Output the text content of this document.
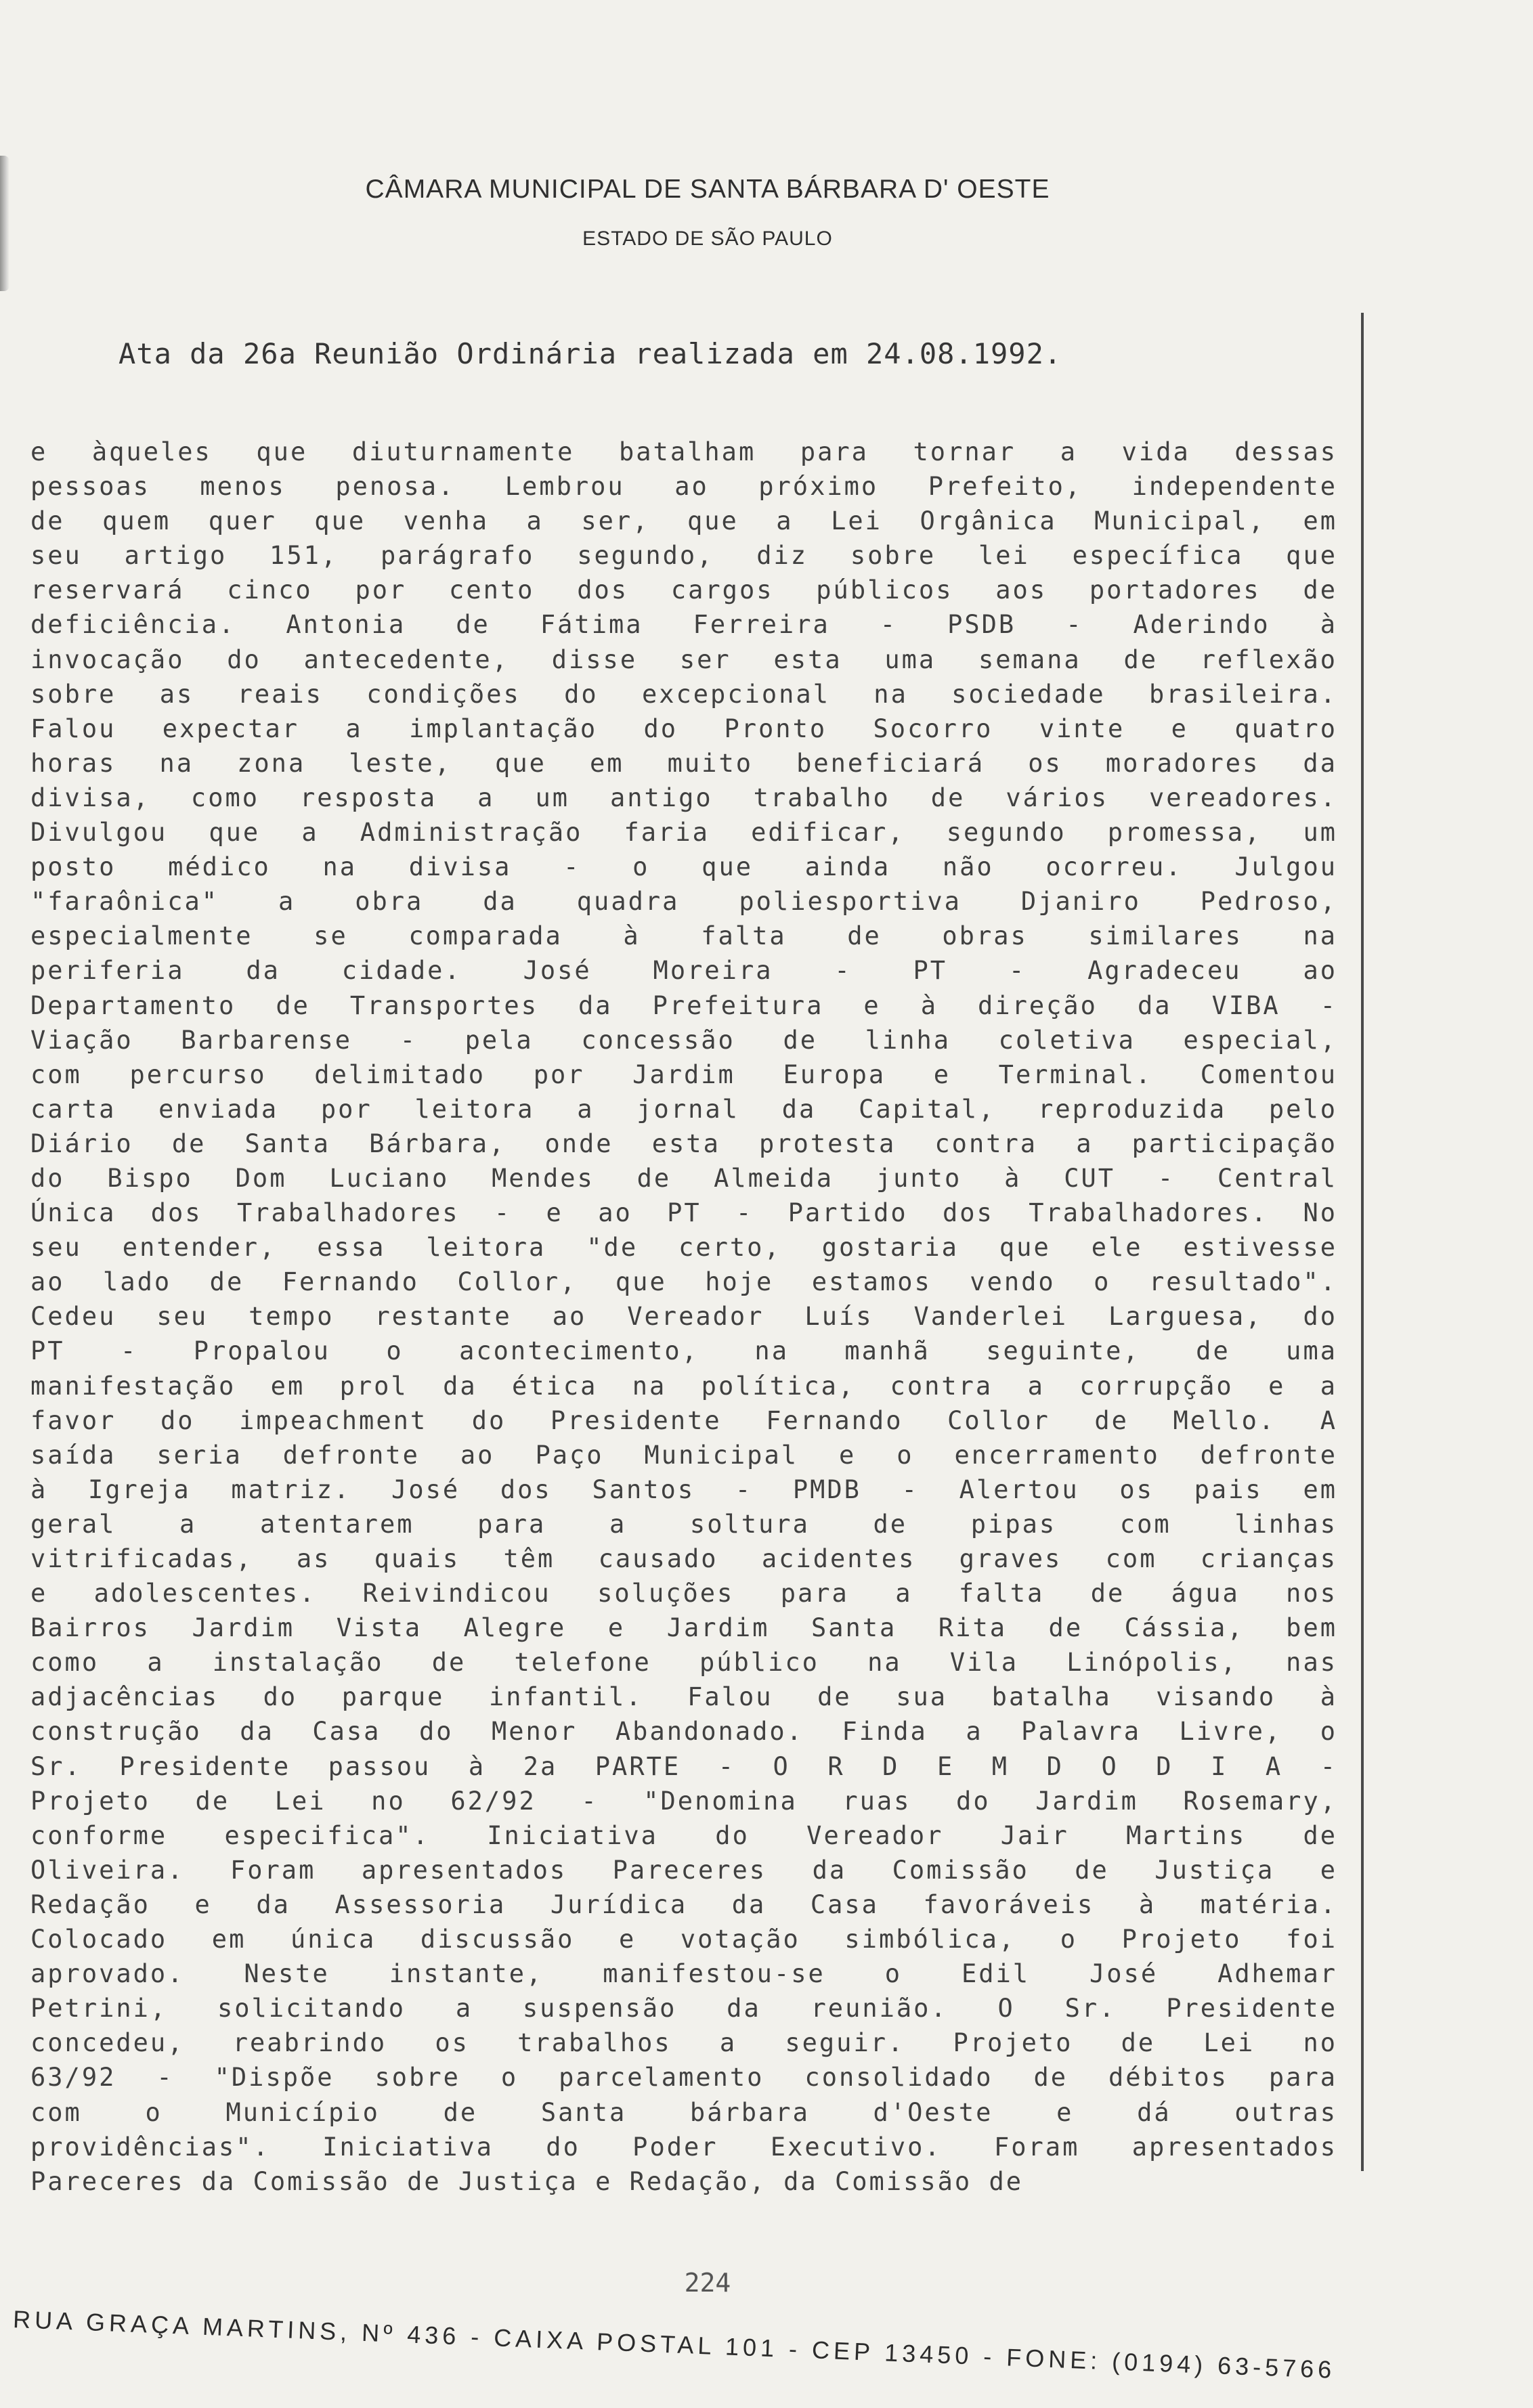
CÂMARA MUNICIPAL DE SANTA BÁRBARA D' OESTE
ESTADO DE SÃO PAULO
Ata da 26a Reunião Ordinária realizada em 24.08.1992.
e àqueles que diuturnamente batalham para tornar a vida dessas
pessoas menos penosa. Lembrou ao próximo Prefeito, independente
de quem quer que venha a ser, que a Lei Orgânica Municipal, em
seu artigo 151, parágrafo segundo, diz sobre lei específica que
reservará cinco por cento dos cargos públicos aos portadores de
deficiência. Antonia de Fátima Ferreira - PSDB - Aderindo à
invocação do antecedente, disse ser esta uma semana de reflexão
sobre as reais condições do excepcional na sociedade brasileira.
Falou expectar a implantação do Pronto Socorro vinte e quatro
horas na zona leste, que em muito beneficiará os moradores da
divisa, como resposta a um antigo trabalho de vários vereadores.
Divulgou que a Administração faria edificar, segundo promessa, um
posto médico na divisa - o que ainda não ocorreu. Julgou
"faraônica" a obra da quadra poliesportiva Djaniro Pedroso,
especialmente se comparada à falta de obras similares na
periferia da cidade. José Moreira - PT - Agradeceu ao
Departamento de Transportes da Prefeitura e à direção da VIBA -
Viação Barbarense - pela concessão de linha coletiva especial,
com percurso delimitado por Jardim Europa e Terminal. Comentou
carta enviada por leitora a jornal da Capital, reproduzida pelo
Diário de Santa Bárbara, onde esta protesta contra a participação
do Bispo Dom Luciano Mendes de Almeida junto à CUT - Central
Única dos Trabalhadores - e ao PT - Partido dos Trabalhadores. No
seu entender, essa leitora "de certo, gostaria que ele estivesse
ao lado de Fernando Collor, que hoje estamos vendo o resultado".
Cedeu seu tempo restante ao Vereador Luís Vanderlei Larguesa, do
PT - Propalou o acontecimento, na manhã seguinte, de uma
manifestação em prol da ética na política, contra a corrupção e a
favor do impeachment do Presidente Fernando Collor de Mello. A
saída seria defronte ao Paço Municipal e o encerramento defronte
à Igreja matriz. José dos Santos - PMDB - Alertou os pais em
geral a atentarem para a soltura de pipas com linhas
vitrificadas, as quais têm causado acidentes graves com crianças
e adolescentes. Reivindicou soluções para a falta de água nos
Bairros Jardim Vista Alegre e Jardim Santa Rita de Cássia, bem
como a instalação de telefone público na Vila Linópolis, nas
adjacências do parque infantil. Falou de sua batalha visando à
construção da Casa do Menor Abandonado. Finda a Palavra Livre, o
Sr. Presidente passou à 2a PARTE - O R D E M D O D I A -
Projeto de Lei no 62/92 - "Denomina ruas do Jardim Rosemary,
conforme especifica". Iniciativa do Vereador Jair Martins de
Oliveira. Foram apresentados Pareceres da Comissão de Justiça e
Redação e da Assessoria Jurídica da Casa favoráveis à matéria.
Colocado em única discussão e votação simbólica, o Projeto foi
aprovado. Neste instante, manifestou-se o Edil José Adhemar
Petrini, solicitando a suspensão da reunião. O Sr. Presidente
concedeu, reabrindo os trabalhos a seguir. Projeto de Lei no
63/92 - "Dispõe sobre o parcelamento consolidado de débitos para
com o Município de Santa bárbara d'Oeste e dá outras
providências". Iniciativa do Poder Executivo. Foram apresentados
Pareceres da Comissão de Justiça e Redação, da Comissão de
224
RUA GRAÇA MARTINS, Nº 436 - CAIXA POSTAL 101 - CEP 13450 - FONE: (0194) 63-5766
